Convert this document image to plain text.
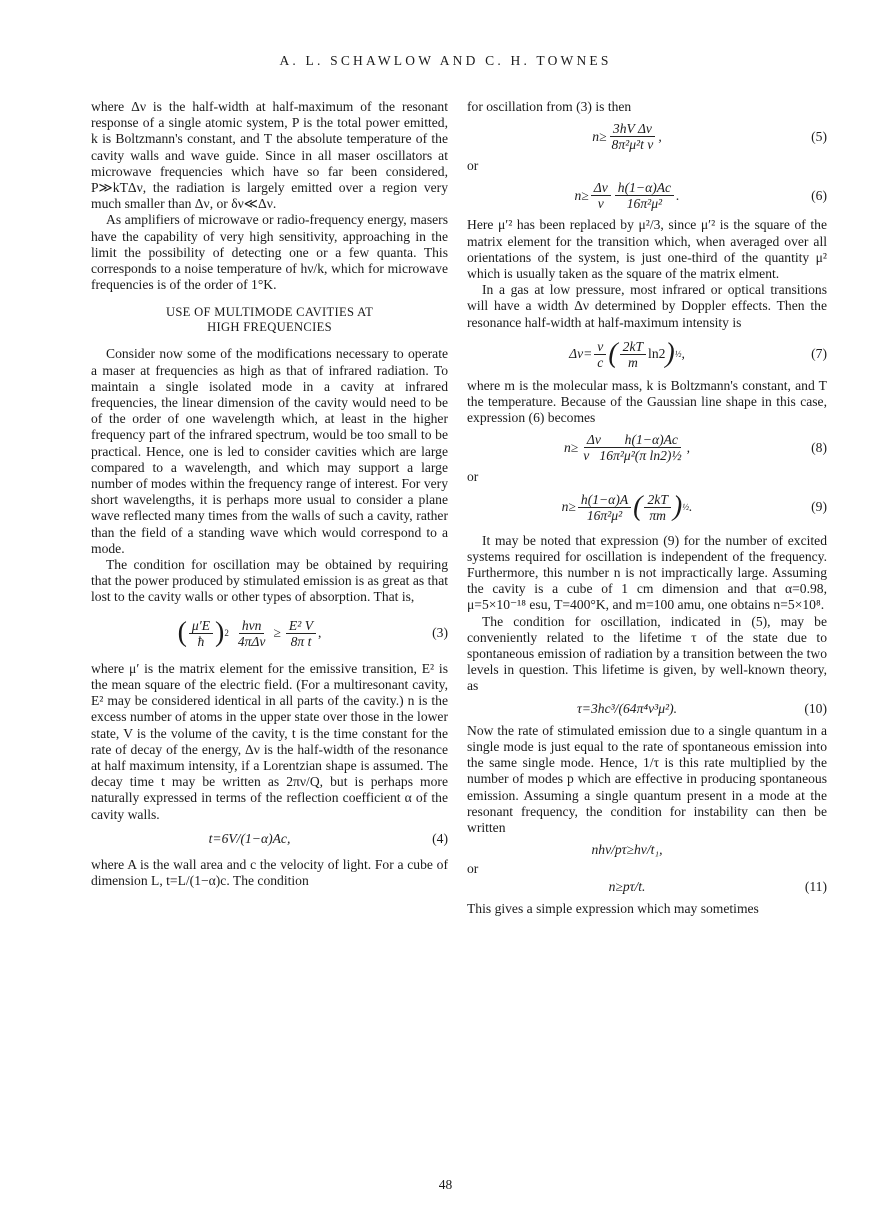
A. L. SCHAWLOW AND C. H. TOWNES

where Δν is the half-width at half-maximum of the resonant response of a single atomic system, P is the total power emitted, k is Boltzmann's constant, and T the absolute temperature of the cavity walls and wave guide. Since in all maser oscillators at microwave frequencies which have so far been considered, P≫kTΔν, the radiation is largely emitted over a region very much smaller than Δν, or δν≪Δν.

As amplifiers of microwave or radio-frequency energy, masers have the capability of very high sensitivity, approaching in the limit the possibility of detecting one or a few quanta. This corresponds to a noise temperature of hν/k, which for microwave frequencies is of the order of 1°K.

USE OF MULTIMODE CAVITIES AT
HIGH FREQUENCIES

Consider now some of the modifications necessary to operate a maser at frequencies as high as that of infrared radiation. To maintain a single isolated mode in a cavity at infrared frequencies, the linear dimension of the cavity would need to be of the order of one wavelength which, at least in the higher frequency part of the infrared spectrum, would be too small to be practical. Hence, one is led to consider cavities which are large compared to a wavelength, and which may support a large number of modes within the frequency range of interest. For very short wavelengths, it is perhaps more usual to consider a plane wave reflected many times from the walls of such a cavity, rather than the field of a standing wave which would correspond to a mode.

The condition for oscillation may be obtained by requiring that the power produced by stimulated emission is as great as that lost to the cavity walls or other types of absorption. That is,

( $\frac{\mu'E}{ħ}$ ) $2 \frac{\text{hνn}}{\text{4πΔν}} \ge \frac{\text{E² V}}{\text{8π t}}$ ,	(3)

where μ′ is the matrix element for the emissive transition, E² is the mean square of the electric field. (For a multiresonant cavity, E² may be considered identical in all parts of the cavity.) n is the excess number of atoms in the upper state over those in the lower state, V is the volume of the cavity, t is the time constant for the rate of decay of the energy, Δν is the half-width of the resonance at half maximum intensity, if a Lorentzian shape is assumed. The decay time t may be written as 2πν/Q, but is perhaps more naturally expressed in terms of the reflection coefficient α of the cavity walls.

t=6V/(1−α)Ac,	(4)

where A is the wall area and c the velocity of light. For a cube of dimension L, t=L/(1−α)c. The condition

for oscillation from (3) is then

$n\ge \frac{\text{3hV Δν}}{\text{8π²μ²t ν}}$ ,	(5)
or
$n\ge \frac{\Delta\nu}{\nu} \frac{h(1-\alpha)Ac}{\text{16π²μ²}}$ .	(6)

Here μ′² has been replaced by μ²/3, since μ′² is the square of the matrix element for the transition which, when averaged over all orientations of the system, is just one-third of the quantity μ² which is usually taken as the square of the matrix elment.

In a gas at low pressure, most infrared or optical transitions will have a width Δν determined by Doppler effects. Then the resonance half-width at half-maximum intensity is

$\Delta\nu= \frac{\nu}{c}$ ( $\frac{2kT}{m} \ln 2$ ) ½ ,	(7)

where m is the molecular mass, k is Boltzmann's constant, and T the temperature. Because of the Gaussian line shape in this case, expression (6) becomes

$n\ge \frac{\text{Δν       h(1−α)Ac}}{\text{ν   16π²μ²(π ln2)½}}$ ,	(8)
or
$n\ge \frac{h(1-\alpha)A}{\text{16π²μ²}}$ ( $\frac{2kT}{\pi m}$ ) ½ .	(9)

It may be noted that expression (9) for the number of excited systems required for oscillation is independent of the frequency. Furthermore, this number n is not impractically large. Assuming the cavity is a cube of 1 cm dimension and that α=0.98, μ=5×10⁻¹⁸ esu, T=400°K, and m=100 amu, one obtains n=5×10⁸.

The condition for oscillation, indicated in (5), may be conveniently related to the lifetime τ of the state due to spontaneous emission of radiation by a transition between the two levels in question. This lifetime is given, by well-known theory, as

τ=3hc³/(64π⁴ν³μ²).	(10)

Now the rate of stimulated emission due to a single quantum in a single mode is just equal to the rate of spontaneous emission into the same single mode. Hence, 1/τ is this rate multiplied by the number of modes p which are effective in producing spontaneous emission. Assuming a single quantum present in a mode at the resonant frequency, the condition for instability can then be written

nhν/pτ≥hν/t₁,
or
n≥pτ/t.	(11)

This gives a simple expression which may sometimes

48
